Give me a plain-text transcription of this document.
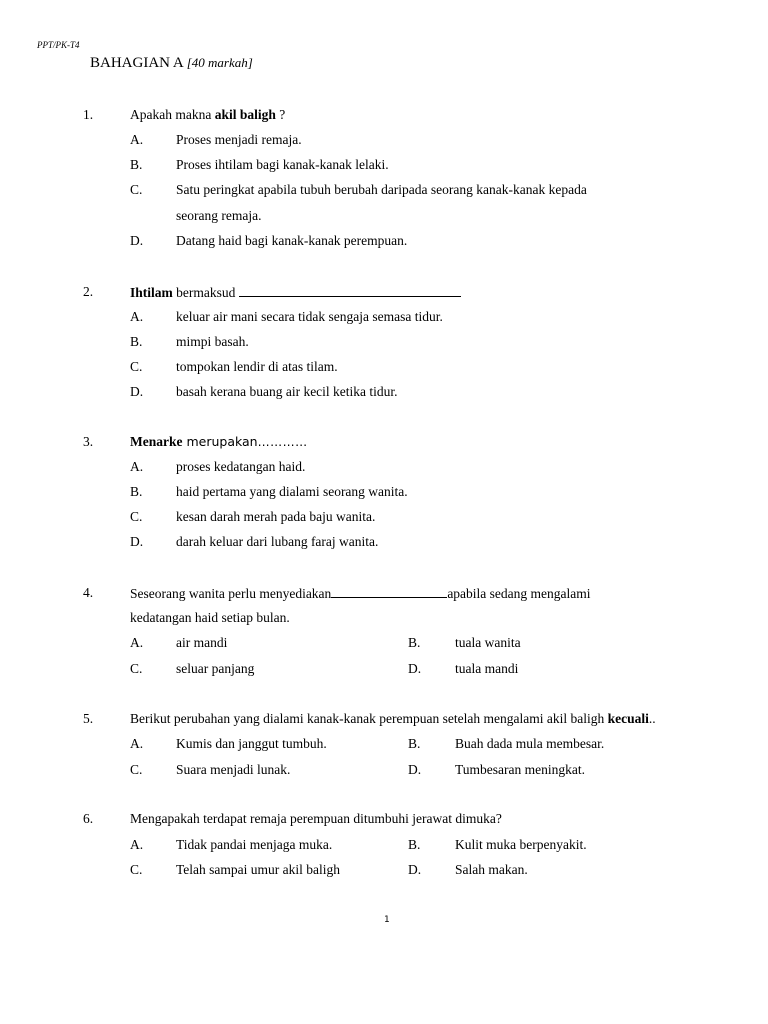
PPT/PK-T4
BAHAGIAN A [40 markah]
1.	Apakah makna akil baligh ?
A. Proses menjadi remaja.
B. Proses ihtilam bagi kanak-kanak lelaki.
C. Satu peringkat apabila tubuh berubah daripada seorang kanak-kanak kepada
seorang remaja.
D. Datang haid bagi kanak-kanak perempuan.
2.	Ihtilam bermaksud
A. keluar air mani secara tidak sengaja semasa tidur.
B. mimpi basah.
C. tompokan lendir di atas tilam.
D. basah kerana buang air kecil ketika tidur.
3.	Menarke merupakan…………
A. proses kedatangan haid.
B. haid pertama yang dialami seorang wanita.
C. kesan darah merah pada baju wanita.
D. darah keluar dari lubang faraj wanita.
4.	Seseorang wanita perlu menyediakan	apabila sedang mengalami
kedatangan haid setiap bulan.
A. air mandi	B.	tuala wanita
C. seluar panjang	D.	tuala mandi
5.	Berikut perubahan yang dialami kanak-kanak perempuan setelah mengalami akil baligh kecuali..
A. Kumis dan janggut tumbuh.	B.	Buah dada mula membesar.
C. Suara menjadi lunak.	D.	Tumbesaran meningkat.
6.	Mengapakah terdapat remaja perempuan ditumbuhi jerawat dimuka?
A. Tidak pandai menjaga muka.	B.	Kulit muka berpenyakit.
C. Telah sampai umur akil baligh	D.	Salah makan.
1
